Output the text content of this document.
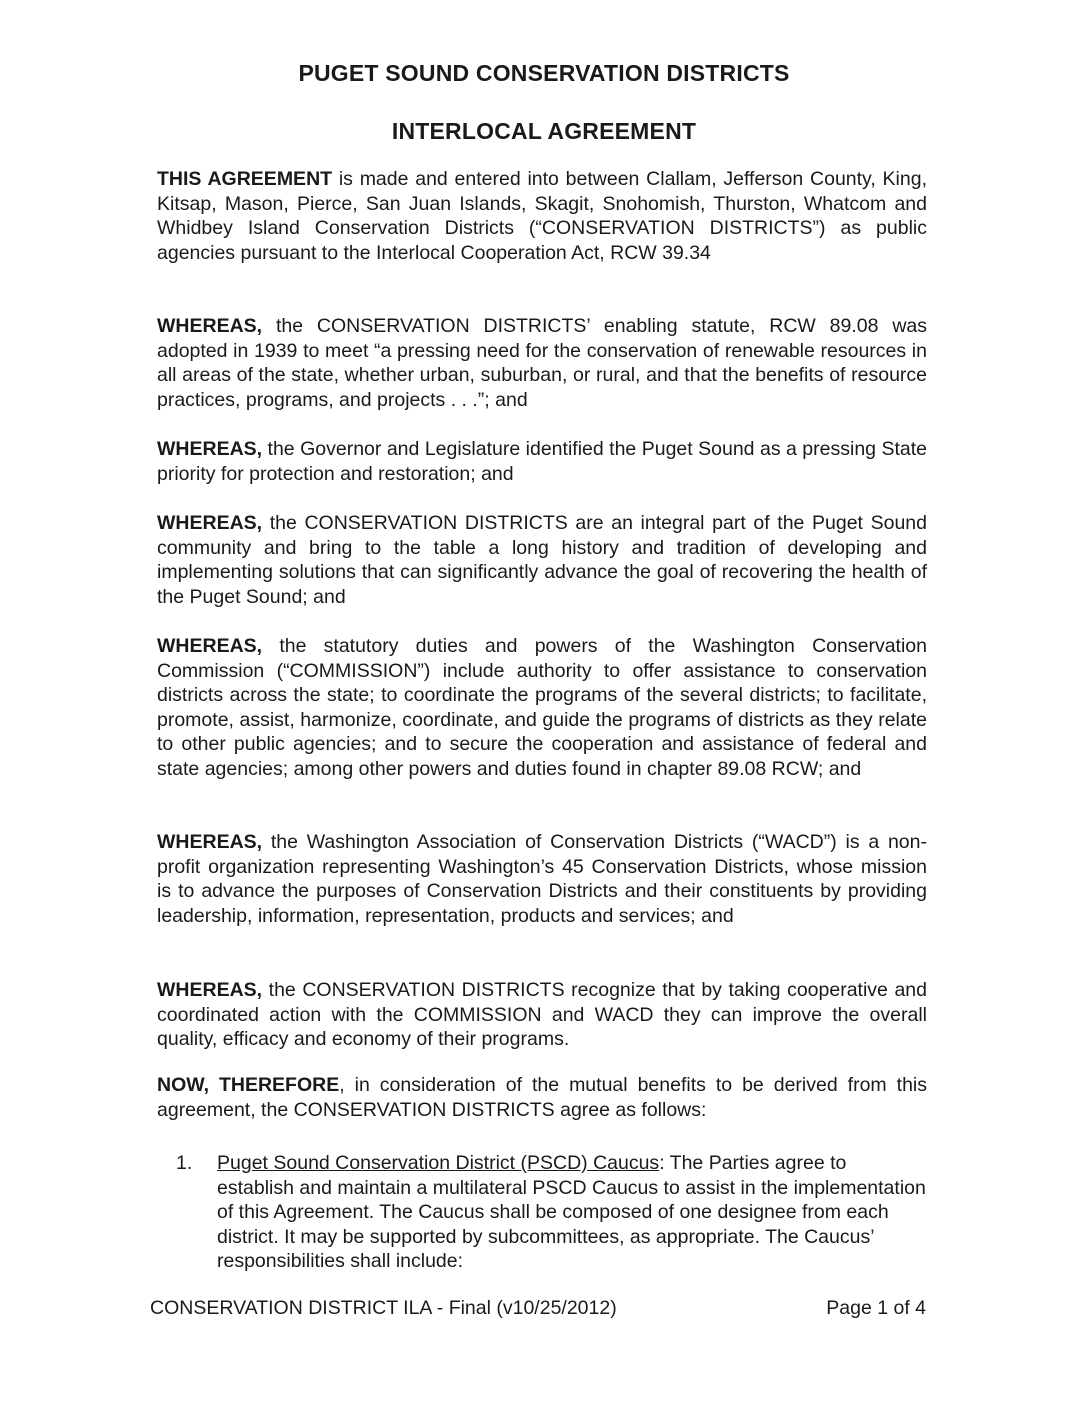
PUGET SOUND CONSERVATION DISTRICTS
INTERLOCAL AGREEMENT

THIS AGREEMENT is made and entered into between Clallam, Jefferson County, King, Kitsap, Mason, Pierce, San Juan Islands, Skagit, Snohomish, Thurston, Whatcom and Whidbey Island Conservation Districts (“CONSERVATION DISTRICTS”) as public agencies pursuant to the Interlocal Cooperation Act, RCW 39.34

WHEREAS, the CONSERVATION DISTRICTS’ enabling statute, RCW 89.08 was adopted in 1939 to meet “a pressing need for the conservation of renewable resources in all areas of the state, whether urban, suburban, or rural, and that the benefits of resource practices, programs, and projects . . .”; and

WHEREAS, the Governor and Legislature identified the Puget Sound as a pressing State priority for protection and restoration; and

WHEREAS, the CONSERVATION DISTRICTS are an integral part of the Puget Sound community and bring to the table a long history and tradition of developing and implementing solutions that can significantly advance the goal of recovering the health of the Puget Sound; and

WHEREAS, the statutory duties and powers of the Washington Conservation Commission (“COMMISSION”) include authority to offer assistance to conservation districts across the state; to coordinate the programs of the several districts; to facilitate, promote, assist, harmonize, coordinate, and guide the programs of districts as they relate to other public agencies; and to secure the cooperation and assistance of federal and state agencies; among other powers and duties found in chapter 89.08 RCW; and

WHEREAS, the Washington Association of Conservation Districts (“WACD”) is a non-profit organization representing Washington’s 45 Conservation Districts, whose mission is to advance the purposes of Conservation Districts and their constituents by providing leadership, information, representation, products and services; and

WHEREAS, the CONSERVATION DISTRICTS recognize that by taking cooperative and coordinated action with the COMMISSION and WACD they can improve the overall quality, efficacy and economy of their programs.

NOW, THEREFORE, in consideration of the mutual benefits to be derived from this agreement, the CONSERVATION DISTRICTS agree as follows:

1. Puget Sound Conservation District (PSCD) Caucus: The Parties agree to establish and maintain a multilateral PSCD Caucus to assist in the implementation of this Agreement. The Caucus shall be composed of one designee from each district. It may be supported by subcommittees, as appropriate. The Caucus’ responsibilities shall include:
CONSERVATION DISTRICT ILA - Final (v10/25/2012)	Page 1 of 4
